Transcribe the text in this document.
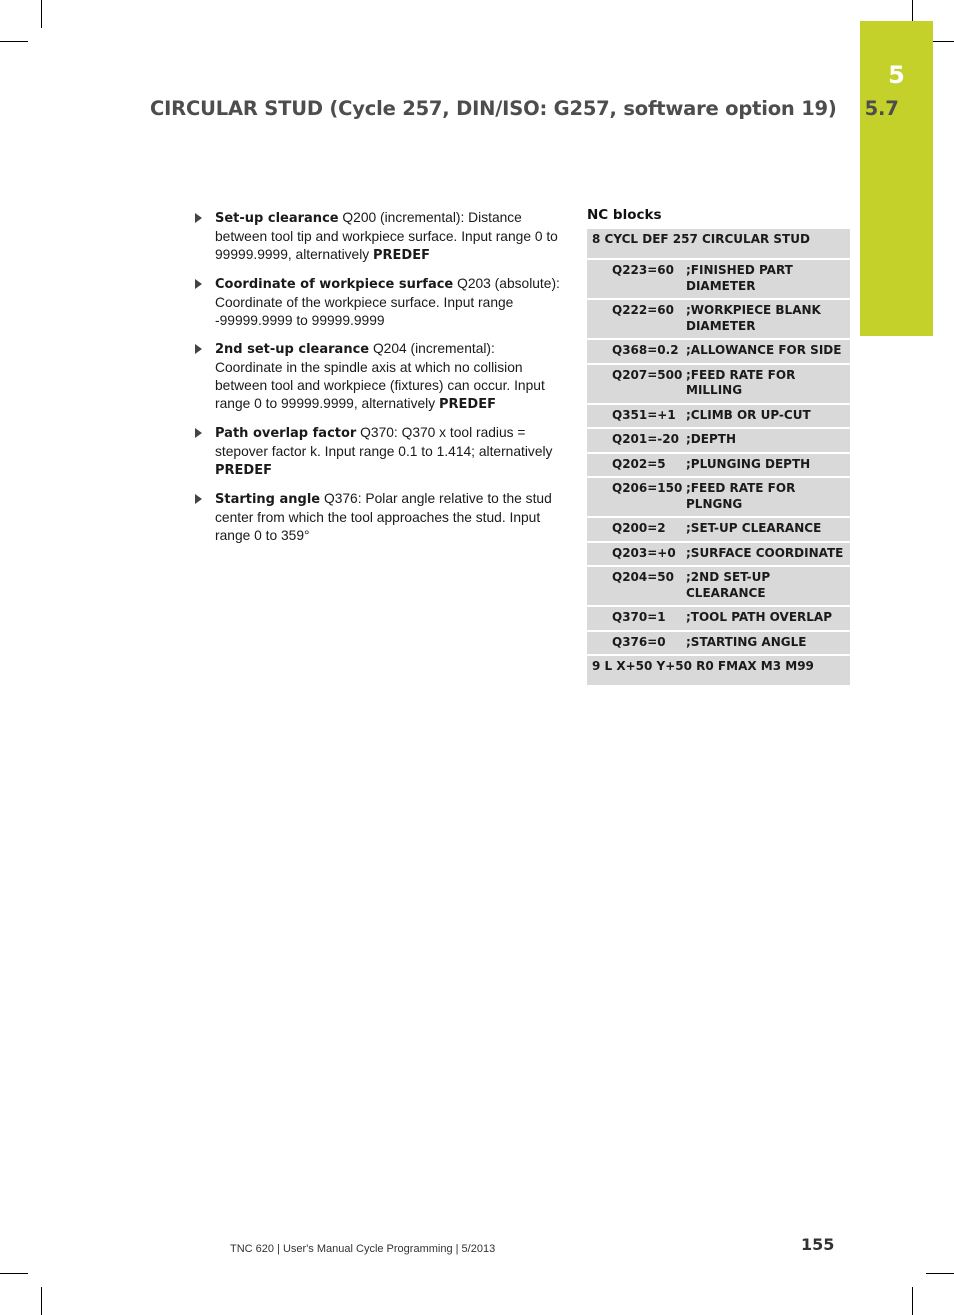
5
CIRCULAR STUD (Cycle 257, DIN/ISO: G257, software option 19) 5.7
Set-up clearance Q200 (incremental): Distance between tool tip and workpiece surface. Input range 0 to 99999.9999, alternatively PREDEF
Coordinate of workpiece surface Q203 (absolute): Coordinate of the workpiece surface. Input range -99999.9999 to 99999.9999
2nd set-up clearance Q204 (incremental): Coordinate in the spindle axis at which no collision between tool and workpiece (fixtures) can occur. Input range 0 to 99999.9999, alternatively PREDEF
Path overlap factor Q370: Q370 x tool radius = stepover factor k. Input range 0.1 to 1.414; alternatively PREDEF
Starting angle Q376: Polar angle relative to the stud center from which the tool approaches the stud. Input range 0 to 359°
NC blocks
8 CYCL DEF 257 CIRCULAR STUD
Q223=60 ;FINISHED PART DIAMETER
Q222=60 ;WORKPIECE BLANK DIAMETER
Q368=0.2 ;ALLOWANCE FOR SIDE
Q207=500 ;FEED RATE FOR MILLING
Q351=+1 ;CLIMB OR UP-CUT
Q201=-20 ;DEPTH
Q202=5	;PLUNGING DEPTH
Q206=150 ;FEED RATE FOR PLNGNG
Q200=2	;SET-UP CLEARANCE
Q203=+0 ;SURFACE COORDINATE
Q204=50 ;2ND SET-UP CLEARANCE
Q370=1	;TOOL PATH OVERLAP
Q376=0	;STARTING ANGLE
9 L X+50 Y+50 R0 FMAX M3 M99
TNC 620 | User's Manual Cycle Programming | 5/2013	155
